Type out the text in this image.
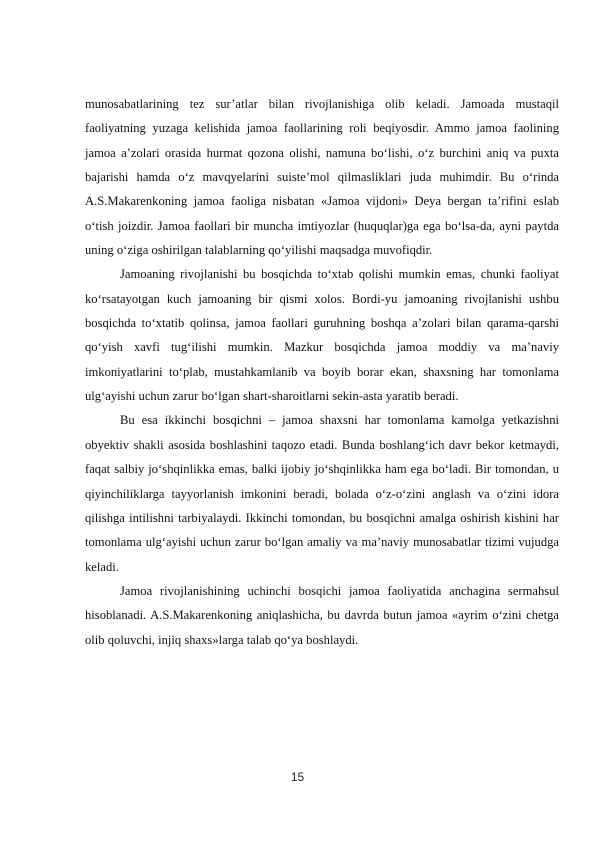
munosabatlarining tez sur’atlar bilan rivojlanishiga olib keladi. Jamoada mustaqil faoliyatning yuzaga kelishida jamoa faollarining roli beqiyosdir. Ammo jamoa faolining jamoa a’zolari orasida hurmat qozona olishi, namuna bo‘lishi, o‘z burchini aniq va puxta bajarishi hamda o‘z mavqyelarini suiste’mol qilmasliklari juda muhimdir. Bu o‘rinda A.S.Makarenkoning jamoa faoliga nisbatan «Jamoa vijdoni» Deya bergan ta’rifini eslab o‘tish joizdir. Jamoa faollari bir muncha imtiyozlar (huquqlar)ga ega bo‘lsa-da, ayni paytda uning o‘ziga oshirilgan talablarning qo‘yilishi maqsadga muvofiqdir.

Jamoaning rivojlanishi bu bosqichda to‘xtab qolishi mumkin emas, chunki faoliyat ko‘rsatayotgan kuch jamoaning bir qismi xolos. Bordi-yu jamoaning rivojlanishi ushbu bosqichda to‘xtatib qolinsa, jamoa faollari guruhning boshqa a’zolari bilan qarama-qarshi qo‘yish xavfi tug‘ilishi mumkin. Mazkur bosqichda jamoa moddiy va ma’naviy imkoniyatlarini to‘plab, mustahkamlanib va boyib borar ekan, shaxsning har tomonlama ulg‘ayishi uchun zarur bo‘lgan shart-sharoitlarni sekin-asta yaratib beradi.

Bu esa ikkinchi bosqichni – jamoa shaxsni har tomonlama kamolga yetkazishni obyektiv shakli asosida boshlashini taqozo etadi. Bunda boshlang‘ich davr bekor ketmaydi, faqat salbiy jo‘shqinlikka emas, balki ijobiy jo‘shqinlikka ham ega bo‘ladi. Bir tomondan, u qiyinchiliklarga tayyorlanish imkonini beradi, bolada o‘z-o‘zini anglash va o‘zini idora qilishga intilishni tarbiyalaydi. Ikkinchi tomondan, bu bosqichni amalga oshirish kishini har tomonlama ulg‘ayishi uchun zarur bo‘lgan amaliy va ma’naviy munosabatlar tizimi vujudga keladi.

Jamoa rivojlanishining uchinchi bosqichi jamoa faoliyatida anchagina sermahsul hisoblanadi. A.S.Makarenkoning aniqlashicha, bu davrda butun jamoa «ayrim o‘zini chetga olib qoluvchi, injiq shaxs»larga talab qo‘ya boshlaydi.

15
